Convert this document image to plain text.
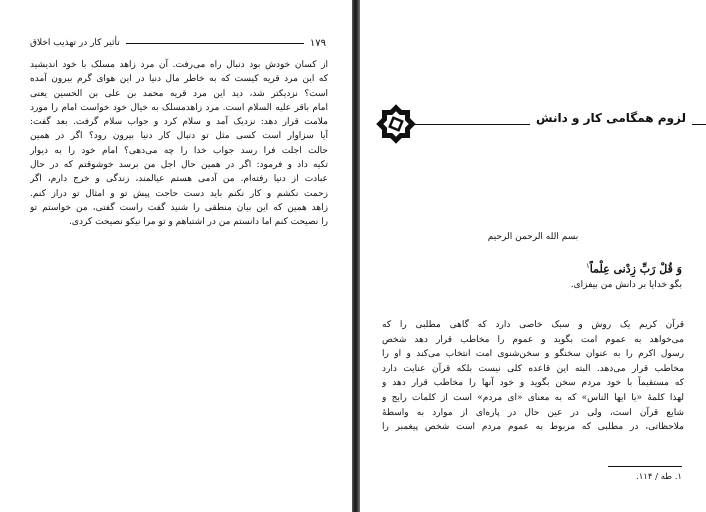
تأثیر کار در تهذیب اخلاق	۱۷۹
از کسان خودش بود دنبال راه می‌رفت. آن مرد زاهد مسلک با خود اندیشید
که این مرد قریه کیست که به خاطر مال دنیا در این هوای گرم بیرون آمده
است؟ نزدیکتر شد، دید این مرد قریه محمد بن علی بن الحسین یعنی
امام باقر علیه السلام است. مرد زاهدمسلک به خیال خود خواست امام را مورد
ملامت قرار دهد: نزدیک آمد و سلام کرد و جواب سلام گرفت. بعد گفت:
آیا سزاوار است کسی مثل تو دنبال کار دنیا بیرون رود؟ اگر در همین
حالت اجلت فرا رسد جواب خدا را چه می‌دهی؟ امام خود را به دیوار
تکیه داد و فرمود: اگر در همین حال اجل من برسد خوشوقتم که در حال
عبادت از دنیا رفته‌ام. من آدمی هستم عیالمند، زندگی و خرج دارم، اگر
زحمت نکشم و کار نکنم باید دست حاجت پیش تو و امثال تو دراز کنم.
زاهد همین که این بیان منطقی را شنید گفت راست گفتی، من خواستم تو
را نصیحت کنم اما دانستم من در اشتباهم و تو مرا نیکو نصیحت کردی.
لزوم همگامی کار و دانش
بسم الله الرحمن الرحیم
وَ قُلْ رَبِّ زِدْنی عِلْماً$^۱$
بگو خدایا بر دانش من بیفزای.
قرآن کریم یک روش و سبک خاصی دارد که گاهی مطلبی را که
می‌خواهد به عموم امت بگوید و عموم را مخاطب قرار دهد شخص
رسول اکرم را به عنوان سخنگو و سخن‌شنوی امت انتخاب می‌کند و او را
مخاطب قرار می‌دهد. البته این قاعده کلی نیست بلکه قرآن عنایت دارد
که مستقیماً با خود مردم سخن بگوید و خود آنها را مخاطب قرار دهد و
لهذا کلمهٔ «یا ایها الناس» که به معنای «ای مردم» است از کلمات رایج و
شایع قرآن است، ولی در عین حال در پاره‌ای از موارد به واسطهٔ
ملاحظاتی، در مطلبی که مربوط به عموم مردم است شخص پیغمبر را
۱. طه / ۱۱۴.
